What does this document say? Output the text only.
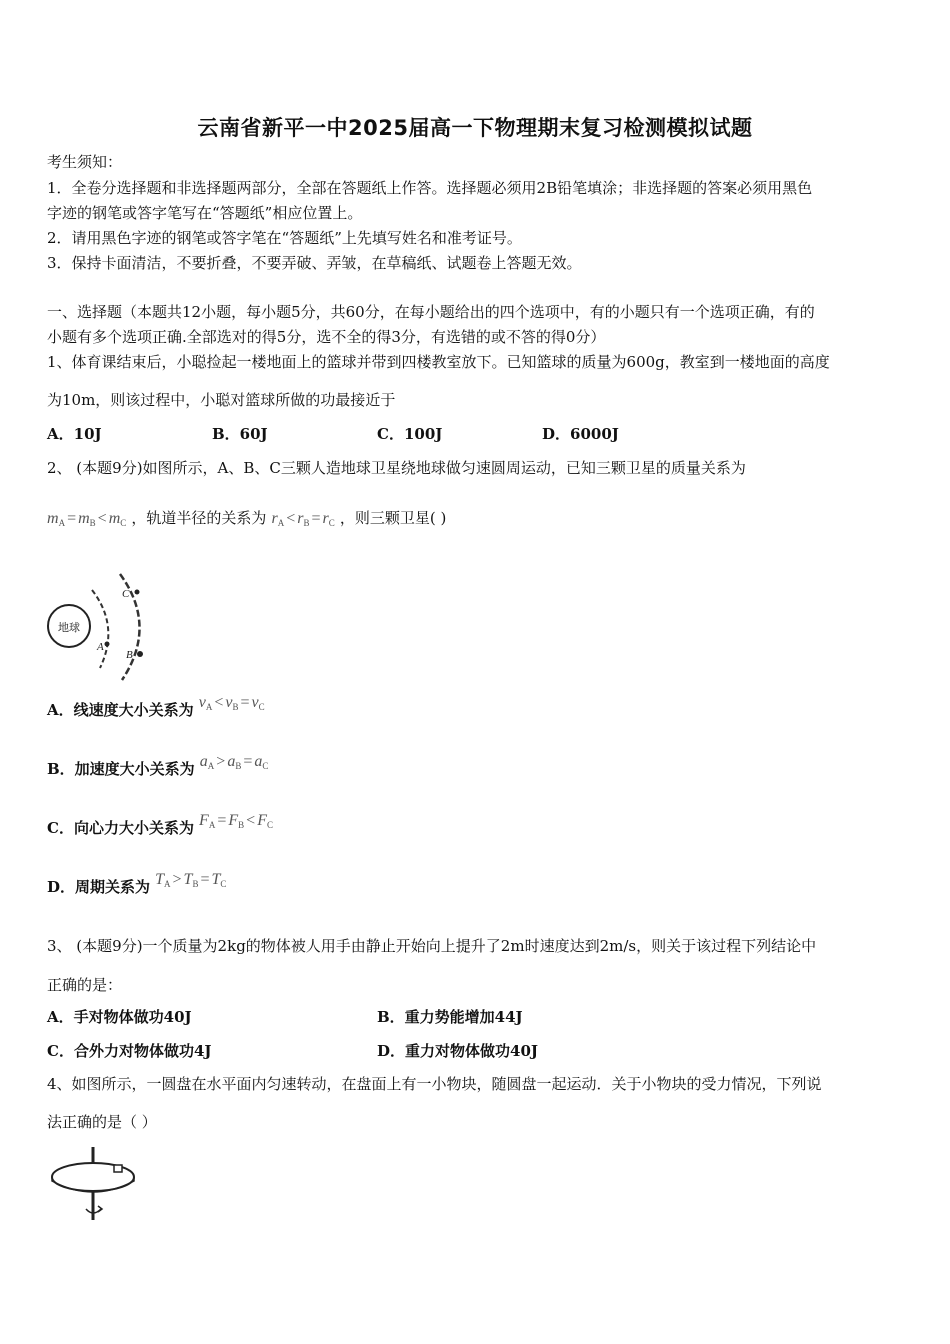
云南省新平一中2025届高一下物理期末复习检测模拟试题
考生须知：
1．全卷分选择题和非选择题两部分，全部在答题纸上作答。选择题必须用2B铅笔填涂；非选择题的答案必须用黑色
字迹的钢笔或答字笔写在“答题纸”相应位置上。
2．请用黑色字迹的钢笔或答字笔在“答题纸”上先填写姓名和准考证号。
3．保持卡面清洁，不要折叠，不要弄破、弄皱，在草稿纸、试题卷上答题无效。
一、选择题（本题共12小题，每小题5分，共60分，在每小题给出的四个选项中，有的小题只有一个选项正确，有的
小题有多个选项正确.全部选对的得5分，选不全的得3分，有选错的或不答的得0分）
1、体育课结束后，小聪捡起一楼地面上的篮球并带到四楼教室放下。已知篮球的质量为600g，教室到一楼地面的高度
为10m，则该过程中，小聪对篮球所做的功最接近于
A．10J	B．60J	C．100J	D．6000J
2、 (本题9分)如图所示，A、B、C三颗人造地球卫星绕地球做匀速圆周运动，已知三颗卫星的质量关系为
$m_A = m_B < m_C$ ，轨道半径的关系为 $r_A < r_B = r_C$ ，则三颗卫星( )
地球
A
B
C
A．线速度大小关系为 $v_A < v_B = v_C$
B．加速度大小关系为 $a_A > a_B = a_C$
C．向心力大小关系为 $F_A = F_B < F_C$
D．周期关系为 $T_A > T_B = T_C$
3、 (本题9分)一个质量为2kg的物体被人用手由静止开始向上提升了2m时速度达到2m/s，则关于该过程下列结论中
正确的是：
A．手对物体做功40J	B．重力势能增加44J
C．合外力对物体做功4J	D．重力对物体做功40J
4、如图所示，一圆盘在水平面内匀速转动，在盘面上有一小物块，随圆盘一起运动．关于小物块的受力情况，下列说
法正确的是（ ）
